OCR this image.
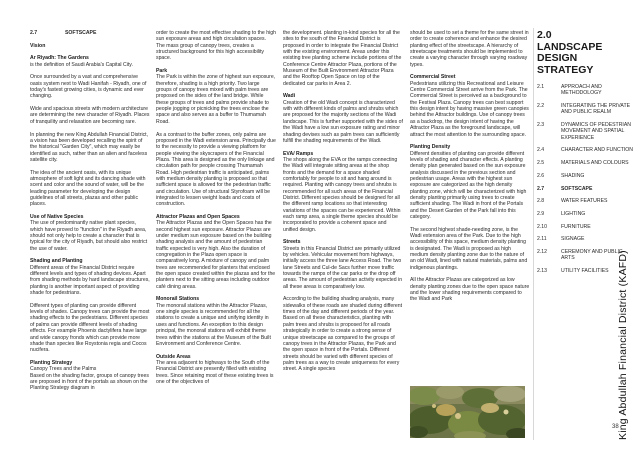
2.7	SOFTSCAPE
Vision
Ar Riyadh: The Gardens
is the definition of Saudi Arabia's Capital City.
Once surrounded by a vast and comprehensive oasis system next to Wadi Hanifah - Riyadh, one of today's fastest growing cities, is dynamic and ever changing.
Wide and spacious streets with modern architecture are determining the new character of Riyadh. Places of tranquility and relaxation are becoming rare.
In planning the new King Abdullah Financial District, a vision has been developed recalling the spirit of the historical "Garden City", which may easily be identified as such, rather than an alien and faceless satellite city.
The idea of the ancient oasis, with its unique atmosphere of soft light and its dancing shade with scent and color and the sound of water, will be the leading parameter for developing the design guidelines of all streets, plazas and other public places.
Use of Native Species
The use of predominantly native plant species, which have proved to "function" in the Riyadh area, should not only help to create a character that is typical for the city of Riyadh, but should also restrict the use of water.
Shading and Planting
Different areas of the Financial District require different levels and types of shading devices. Apart from shading methods by hard landscape structures, planting is another important aspect of providing shade for pedestrians.
Different types of planting can provide different levels of shades. Canopy trees can provide the most shading effects to the pedestrians. Different species of palms can provide different levels of shading effects. For example Phoenix dactylifera have large and wide canopy fronds which can provide more shade than species like Roystonia regia and Cocos nucifera.
Planting Strategy
Canopy Trees and the Palms
Based on the shading factor, groups of canopy trees are proposed in front of the portals as shown on the Planting Strategy diagram in
order to create the most effective shading to the high sun exposure areas and high circulation spaces. The mass group of canopy trees, creates a structured background for this high accessibility space.
Park
The Park is within the zone of highest sun exposure, therefore, shading is a high priority. Two large groups of canopy trees mixed with palm trees are proposed on the sides of the land bridge. While these groups of trees and palms provide shade to people jogging or picnicking the trees enclose the space and also serves as a buffer to Thumamah Road.
As a contrast to the buffer zones, only palms are proposed in the Wadi extension area. Principally due to the necessity to provide a viewing platform for people viewing the skyscrapers of the Financial Plaza. This area is designed as the only linkage and circulation path for people crossing Thumamah Road. High pedestrian traffic is anticipated, palms with medium density planting is proposed so that sufficient space is allowed for the pedestrian traffic and circulation. Use of structural Styrofoam will be integrated to lessen weight loads and costs of construction.
Attractor Plazas and Open Spaces
The Attractor Plazas and the Open Spaces has the second highest sun exposure. Attractor Plazas are under medium sun exposure based on the building shading analysis and the amount of pedestrian traffic expected is very high. Also the duration of congregation in the Plaza open space is comparatively long. A mixture of canopy and palm trees are recommended for planters that enclosed the open space created within the plazas and for the planters next to the sitting areas including outdoor café dining areas.
Monorail Stations
The monorail stations within the Attractor Plazas, one single species is recommended for all the stations to create a unique and unifying identity in uses and functions. An exception to this design principal, the monorail stations will exhibit theme trees within the stations at the Museum of the Built Environment and Conference Centre.
Outside Areas
The area adjacent to highways to the South of the Financial District are presently filled with existing trees. Since retaining most of these existing trees is one of the objectives of
the development. planting in-kind species for all the sites to the south of the Financial District is proposed in order to integrate the Financial District with the existing environment. Areas under this existing tree planting scheme include portions of the Conference Centre Attractor Plaza, portions of the Museum of the Built Environment Attractor Plaza and the Rooftop Open Space on top of the dedicated car parks in Area 2.
Wadi
Creation of the old Wadi concept is characterized with with different kinds of palms and shrubs which are proposed for the majority sections of the Wadi landscape. This is further supported with the sides of the Wadi have a low sun exposure rating and minor shading devises such as palm trees can sufficiently fulfill the shading requirements of the Wadi.
EVA/ Ramps
The shops along the EVA or the ramps connecting the Wadi will integrate sitting areas at the shop fronts and the demand for a space shaded comfortably for people to sit and hang around is required. Planting with canopy trees and shrubs is recommended for all such areas of the Financial District. Different species should be designed for all the different ramp locations so that interesting variations of the spaces can be experienced. Within each ramp area, a single theme species should be incorporated to provide a coherent space and unified design.
Streets
Streets in this Financial District are primarily utilized by vehicles. Vehicular movement from highways, initially access the three lane Access Road. The two lane Streets and Cul-de Sacs further move traffic towards the ramps of the car parks or the drop off areas. The amount of pedestrian activity expected in all these areas is comparatively low.
According to the building shading analysis, many sidewalks of these roads are shaded during different times of the day and different periods of the year. Based on all these characteristics, planting with palm trees and shrubs is proposed for all roads strategically in order to create a strong sense of unique streetscape as compared to the groups of canopy trees in the Attractor Plazas, the Park and the open space in front of the Portals. Different streets should be varied with different species of palm trees as a way to create uniqueness for every street. A single species
should be used to set a theme for the same street in order to create coherence and enhance the desired planting effect of the streetscape. A hierarchy of streetscape treatments should be implemented to create a varying character through varying roadway types.
Commercial Street
Pedestrians utilizing this Recreational and Leisure Centre Commercial Street arrive from the Park. The Commercial Street is perceived as a background to the Festival Plaza. Canopy trees can best support this design intent by having massive green canopies behind the Attractor buildings. Use of canopy trees as a backdrop, the design intent of having the Attractor Plaza as the foreground landscape, will attract the most attention to the surrounding space.
Planting Density
Different densities of planting can provide different levels of shading and character effects. A planting density plan generated based on the sun exposure analysis discussed in the previous section and pedestrian usage. Areas with the highest sun exposure are categorized as the high density planting zone, which will be characterized with high density planting primarily using trees to create sufficient shading. The Wadi in front of the Portals and the Desert Garden of the Park fall into this category.
The second highest shade-needing zone, is the Wadi extension area of the Park. Due to the high accessibility of this space, medium density planting is designated. The Wadi is proposed as high medium density planting zone due to the nature of an old Wadi, lined with natural materials, palms and indigenous plantings.
All the Attractor Plazas are categorized as low density planting zones due to the open space nature and the lower shading requirements compared to the Wadi and Park
2.0
LANDSCAPE
DESIGN
STRATEGY
2.1	APPROACH AND METHODOLOGY
2.2	INTEGRATING THE PRIVATE AND PUBLIC REALM
2.3	DYNAMICS OF PEDESTRIAN MOVEMENT AND SPATIAL EXPERIENCE
2.4	CHARACTER AND FUNCTION
2.5	MATERIALS AND COLOURS
2.6	SHADING
2.7	SOFTSCAPE
2.8	WATER FEATURES
2.9	LIGHTING
2.10	FURNITURE
2.11	SIGNAGE
2.12	CEREMONY AND PUBLIC ARTS
2.13	UTILITY FACILITIES King Abdullah Financial District (KAFD)
38
